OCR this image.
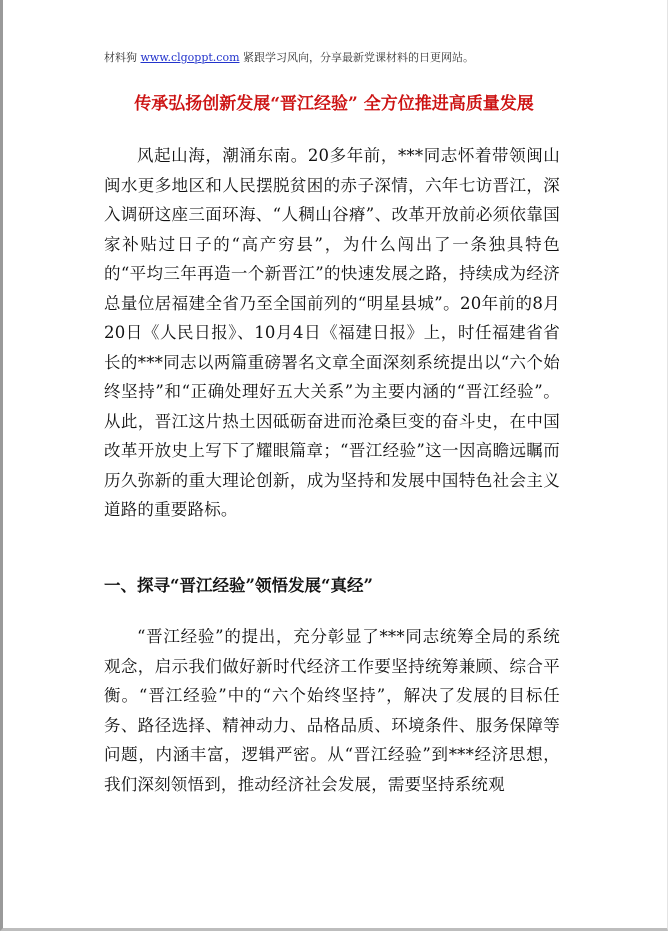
材料狗 www.clgoppt.com 紧跟学习风向，分享最新党课材料的日更网站。
传承弘扬创新发展“晋江经验” 全方位推进高质量发展

风起山海，潮涌东南。20多年前，***同志怀着带领闽山闽水更多地区和人民摆脱贫困的赤子深情，六年七访晋江，深入调研这座三面环海、“人稠山谷瘠”、改革开放前必须依靠国家补贴过日子的“高产穷县”，为什么闯出了一条独具特色的“平均三年再造一个新晋江”的快速发展之路，持续成为经济总量位居福建全省乃至全国前列的“明星县城”。20年前的8月20日《人民日报》、10月4日《福建日报》上，时任福建省省长的***同志以两篇重磅署名文章全面深刻系统提出以“六个始终坚持”和“正确处理好五大关系”为主要内涵的“晋江经验”。从此，晋江这片热土因砥砺奋进而沧桑巨变的奋斗史，在中国改革开放史上写下了耀眼篇章；“晋江经验”这一因高瞻远瞩而历久弥新的重大理论创新，成为坚持和发展中国特色社会主义道路的重要路标。

一、探寻“晋江经验”领悟发展“真经”

“晋江经验”的提出，充分彰显了***同志统筹全局的系统观念，启示我们做好新时代经济工作要坚持统筹兼顾、综合平衡。“晋江经验”中的“六个始终坚持”，解决了发展的目标任务、路径选择、精神动力、品格品质、环境条件、服务保障等问题，内涵丰富，逻辑严密。从“晋江经验”到***经济思想，我们深刻领悟到，推动经济社会发展，需要坚持系统观
